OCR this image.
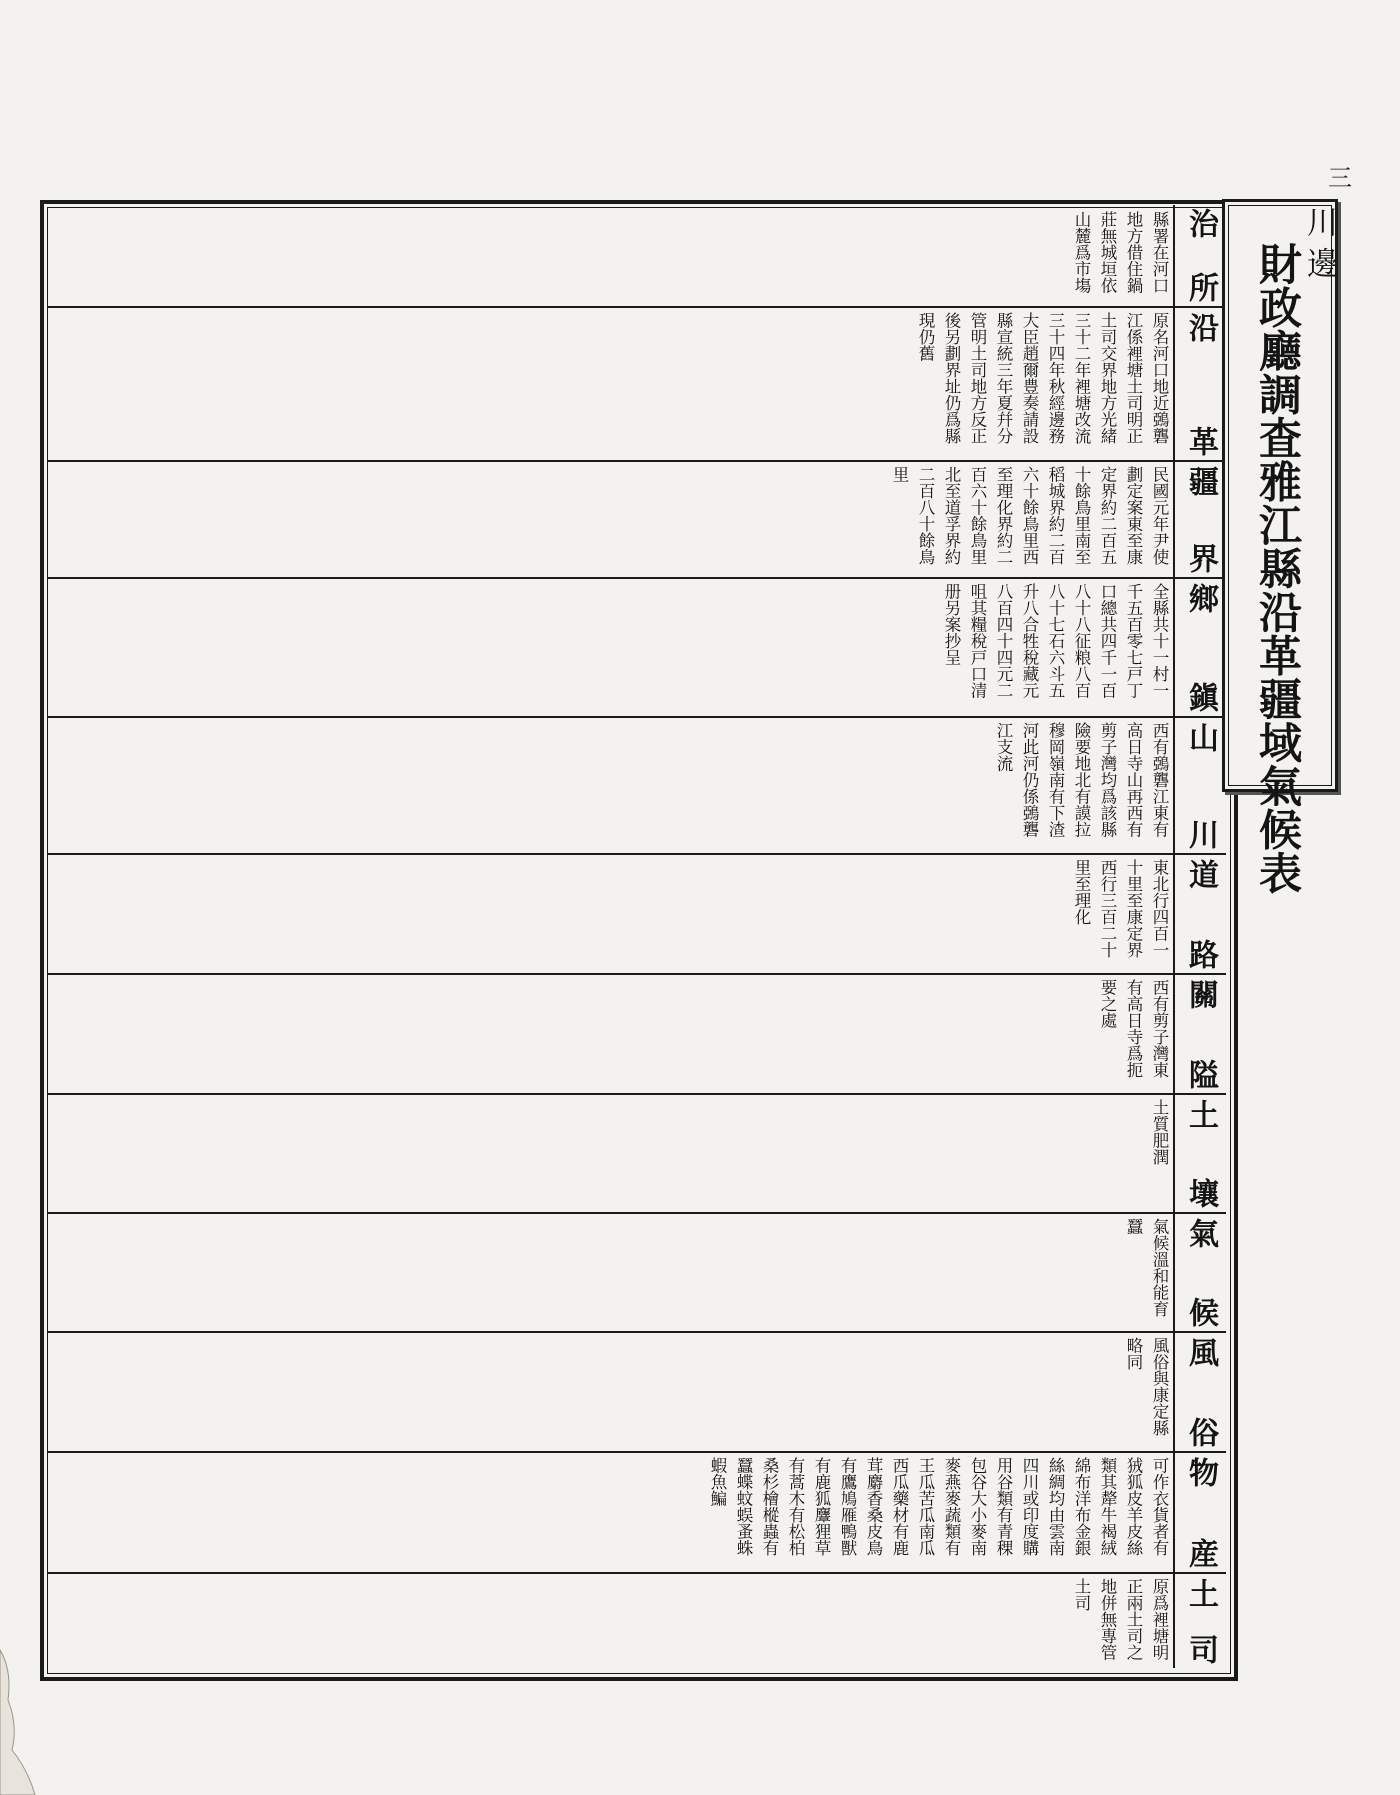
三
財政廳調査雅江縣沿革疆域氣候表 川邊
治所
沿革
疆界
鄉鎭
山川
道路
關隘
土壤
氣候
風俗
物産
土司
縣署在河口
地方借住鍋
莊無城垣依
山麓爲市塲
原名河口地近鵶礱
江係裡塘土司明正
土司交界地方光緒
三十二年裡塘改流
三十四年秋經邊務
大臣趙爾豊奏請設
縣宣統三年夏幷分
管明土司地方反正
後另劃界址仍爲縣
現仍舊
民國元年尹使
劃定案東至康
定界約二百五
十餘鳥里南至
稻城界約二百
六十餘鳥里西
至理化界約二
百六十餘鳥里
北至道孚界約
二百八十餘鳥
里
全縣共十一村一
千五百零七戸丁
口總共四千一百
八十八征粮八百
八十七石六斗五
升八合牲稅藏元
八百四十四元二
咀其糧稅戸口清
册另案抄呈
西有鵶礱江東有
高日寺山再西有
剪子灣均爲該縣
險要地北有謨拉
穆岡嶺南有下渣
河此河仍係鵶礱
江支流
東北行四百一
十里至康定界
西行三百二十
里至理化
西有剪子灣東
有高日寺爲扼
要之處
土質肥潤
氣候溫和能育
蠶
風俗與康定縣
略同
可作衣貨者有
狨狐皮羊皮絲
類其犛牛褐絨
綿布洋布金銀
絲綢均由雲南
四川或印度購
用谷類有青稞
包谷大小麥南
麥燕麥蔬類有
王瓜苦瓜南瓜
西瓜藥材有鹿
茸麝香桑皮鳥
有鷹鳩雁鴨獸
有鹿狐麞狸草
有蒿木有松柏
桑杉檜樅蟲有
蠶蝶蚊蜈蚤蛛
蝦魚鯿
原爲裡塘明
正兩土司之
地併無專管
土司
